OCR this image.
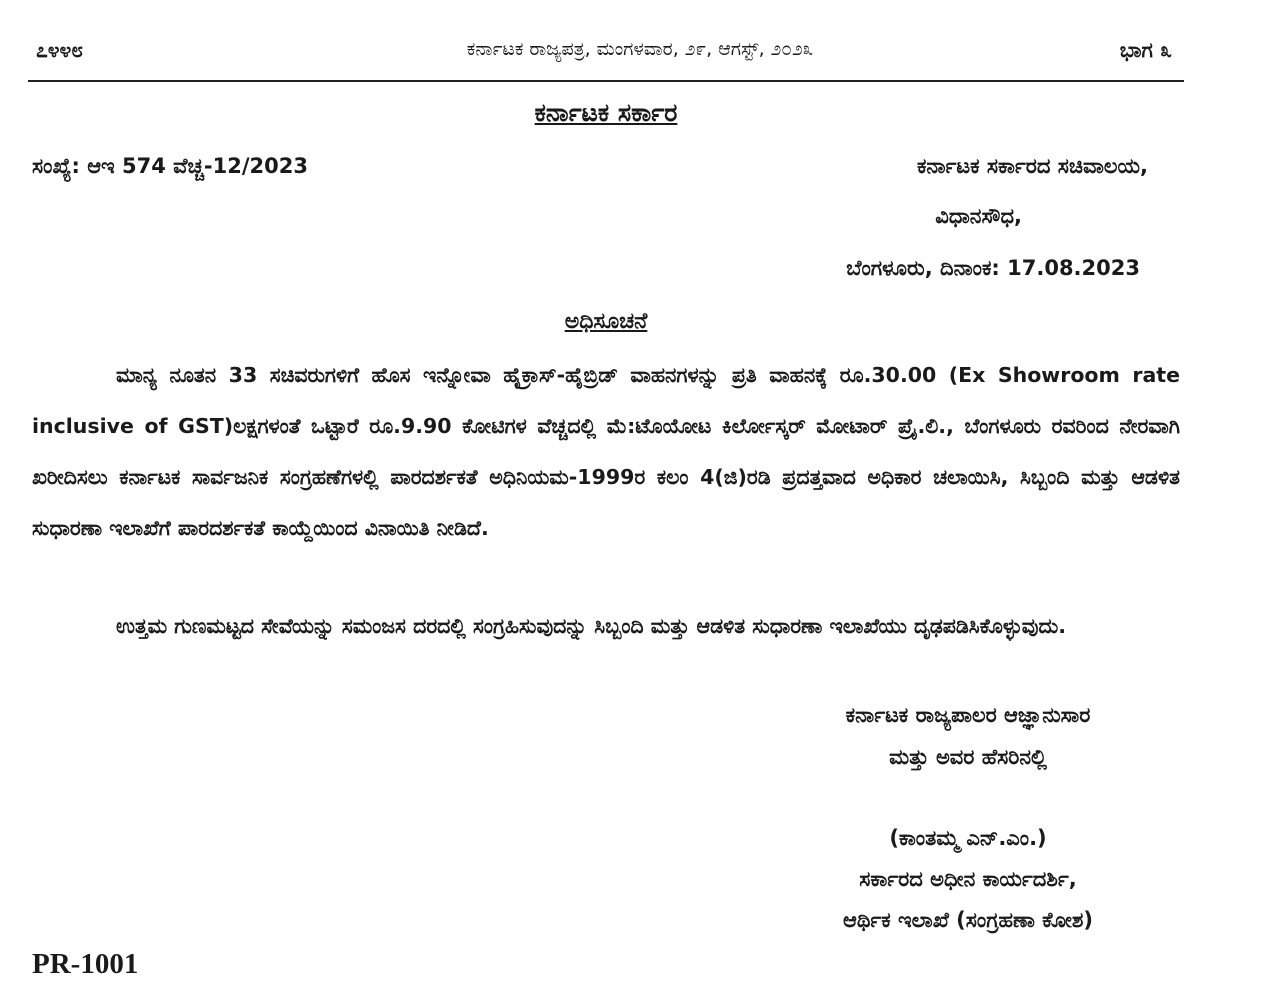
೭೪೪೮	ಕರ್ನಾಟಕ ರಾಜ್ಯಪತ್ರ, ಮಂಗಳವಾರ, ೨೯, ಆಗಸ್ಟ್, ೨೦೨೩	ಭಾಗ ೩
ಕರ್ನಾಟಕ ಸರ್ಕಾರ
ಸಂಖ್ಯೆ: ಆಇ 574 ವೆಚ್ಚ-12/2023	ಕರ್ನಾಟಕ ಸರ್ಕಾರದ ಸಚಿವಾಲಯ,
ವಿಧಾನಸೌಧ,
ಬೆಂಗಳೂರು, ದಿನಾಂಕ: 17.08.2023
ಅಧಿಸೂಚನೆ

ಮಾನ್ಯ ನೂತನ 33 ಸಚಿವರುಗಳಿಗೆ ಹೊಸ ಇನ್ನೋವಾ ಹೈಕ್ರಾಸ್-ಹೈಬ್ರಿಡ್ ವಾಹನಗಳನ್ನು ಪ್ರತಿ ವಾಹನಕ್ಕೆ ರೂ.30.00 (Ex Showroom rate inclusive of GST)ಲಕ್ಷಗಳಂತೆ ಒಟ್ಟಾರೆ ರೂ.9.90 ಕೋಟಿಗಳ ವೆಚ್ಚದಲ್ಲಿ ಮೆ:ಟೊಯೋಟ ಕಿರ್ಲೋಸ್ಕರ್ ಮೋಟಾರ್ ಪ್ರೈ.ಲಿ., ಬೆಂಗಳೂರು ರವರಿಂದ ನೇರವಾಗಿ ಖರೀದಿಸಲು ಕರ್ನಾಟಕ ಸಾರ್ವಜನಿಕ ಸಂಗ್ರಹಣೆಗಳಲ್ಲಿ ಪಾರದರ್ಶಕತೆ ಅಧಿನಿಯಮ-1999ರ ಕಲಂ 4(ಜಿ)ರಡಿ ಪ್ರದತ್ತವಾದ ಅಧಿಕಾರ ಚಲಾಯಿಸಿ, ಸಿಬ್ಬಂದಿ ಮತ್ತು ಆಡಳಿತ ಸುಧಾರಣಾ ಇಲಾಖೆಗೆ ಪಾರದರ್ಶಕತೆ ಕಾಯ್ದೆಯಿಂದ ವಿನಾಯಿತಿ ನೀಡಿದೆ.

ಉತ್ತಮ ಗುಣಮಟ್ಟದ ಸೇವೆಯನ್ನು ಸಮಂಜಸ ದರದಲ್ಲಿ ಸಂಗ್ರಹಿಸುವುದನ್ನು ಸಿಬ್ಬಂದಿ ಮತ್ತು ಆಡಳಿತ ಸುಧಾರಣಾ ಇಲಾಖೆಯು ದೃಢಪಡಿಸಿಕೊಳ್ಳುವುದು.

ಕರ್ನಾಟಕ ರಾಜ್ಯಪಾಲರ ಆಜ್ಞಾನುಸಾರ
ಮತ್ತು ಅವರ ಹೆಸರಿನಲ್ಲಿ
(ಕಾಂತಮ್ಮ ಎನ್.ಎಂ.)
ಸರ್ಕಾರದ ಅಧೀನ ಕಾರ್ಯದರ್ಶಿ,
ಆರ್ಥಿಕ ಇಲಾಖೆ (ಸಂಗ್ರಹಣಾ ಕೋಶ)
PR-1001
